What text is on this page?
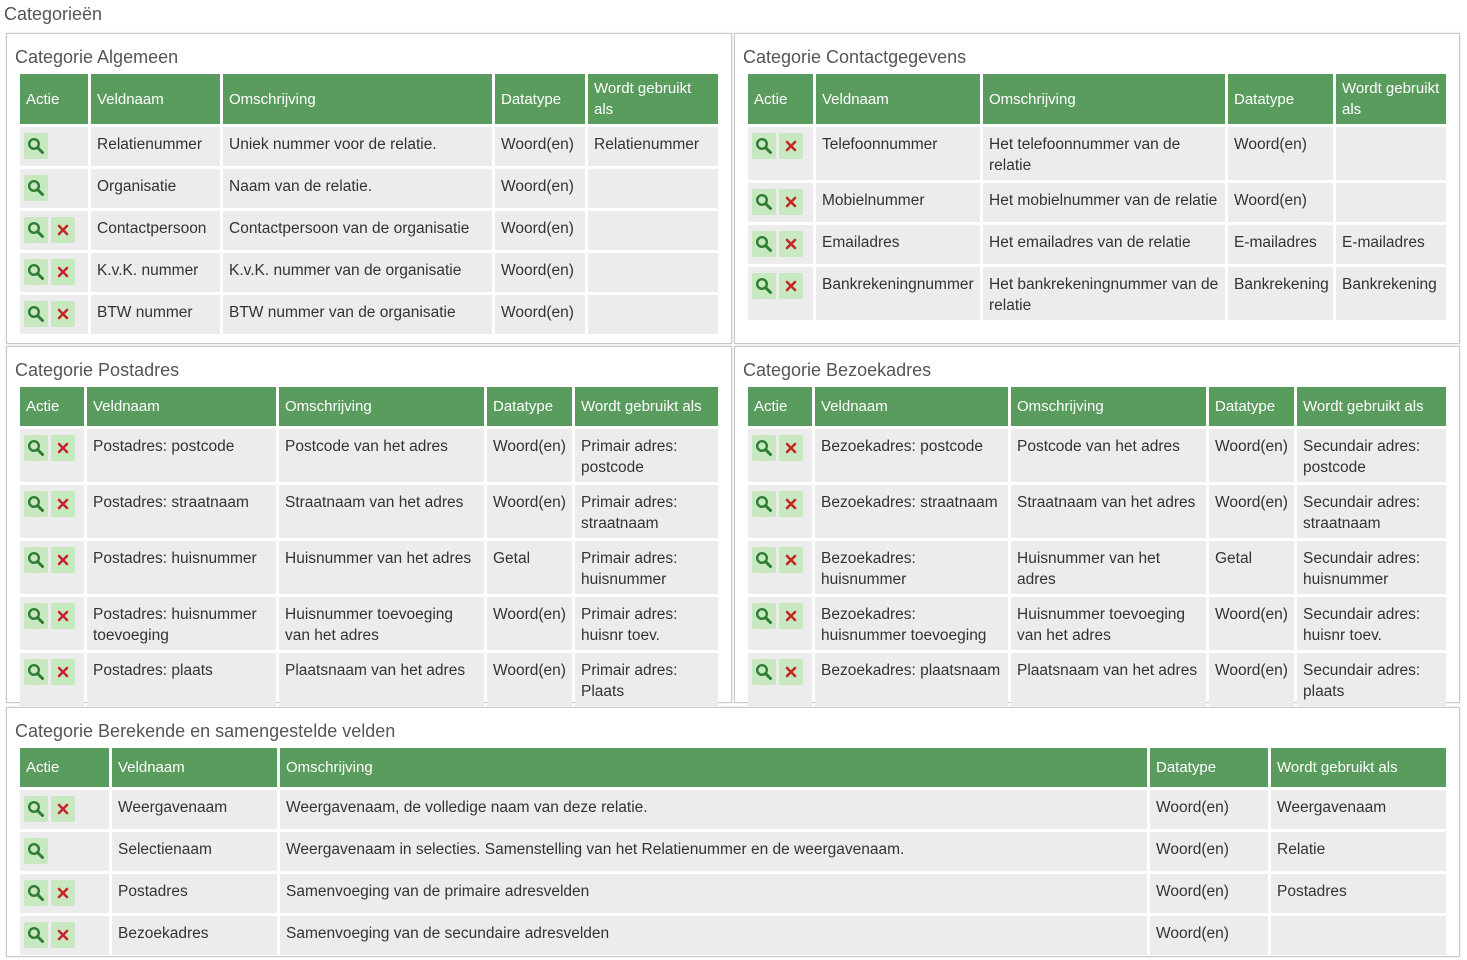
Categorieën
Categorie Algemeen
Actie	Veldnaam	Omschrijving	Datatype	Wordt gebruikt als

	Relatienummer	Uniek nummer voor de relatie.	Woord(en)	Relatienummer

	Organisatie	Naam van de relatie.	Woord(en)	

	Contactpersoon	Contactpersoon van de organisatie	Woord(en)	

	K.v.K. nummer	K.v.K. nummer van de organisatie	Woord(en)	

	BTW nummer	BTW nummer van de organisatie	Woord(en)	
Categorie Contactgegevens
Actie	Veldnaam	Omschrijving	Datatype	Wordt gebruikt als

	Telefoonnummer	Het telefoonnummer van de relatie	Woord(en)	

	Mobielnummer	Het mobielnummer van de relatie	Woord(en)	

	Emailadres	Het emailadres van de relatie	E-mailadres	E-mailadres

	Bankrekeningnummer	Het bankrekeningnummer van de relatie	Bankrekening	Bankrekening
Categorie Postadres
Actie	Veldnaam	Omschrijving	Datatype	Wordt gebruikt als

	Postadres: postcode	Postcode van het adres	Woord(en)	Primair adres: postcode

	Postadres: straatnaam	Straatnaam van het adres	Woord(en)	Primair adres: straatnaam

	Postadres: huisnummer	Huisnummer van het adres	Getal	Primair adres: huisnummer

	Postadres: huisnummer toevoeging	Huisnummer toevoeging van het adres	Woord(en)	Primair adres: huisnr toev.

	Postadres: plaats	Plaatsnaam van het adres	Woord(en)	Primair adres: Plaats
Categorie Bezoekadres
Actie	Veldnaam	Omschrijving	Datatype	Wordt gebruikt als

	Bezoekadres: postcode	Postcode van het adres	Woord(en)	Secundair adres: postcode

	Bezoekadres: straatnaam	Straatnaam van het adres	Woord(en)	Secundair adres: straatnaam

	Bezoekadres: huisnummer	Huisnummer van het adres	Getal	Secundair adres: huisnummer

	Bezoekadres: huisnummer toevoeging	Huisnummer toevoeging van het adres	Woord(en)	Secundair adres: huisnr toev.

	Bezoekadres: plaatsnaam	Plaatsnaam van het adres	Woord(en)	Secundair adres: plaats
Categorie Berekende en samengestelde velden
Actie	Veldnaam	Omschrijving	Datatype	Wordt gebruikt als

	Weergavenaam	Weergavenaam, de volledige naam van deze relatie.	Woord(en)	Weergavenaam

	Selectienaam	Weergavenaam in selecties. Samenstelling van het Relatienummer en de weergavenaam.	Woord(en)	Relatie

	Postadres	Samenvoeging van de primaire adresvelden	Woord(en)	Postadres

	Bezoekadres	Samenvoeging van de secundaire adresvelden	Woord(en)	
